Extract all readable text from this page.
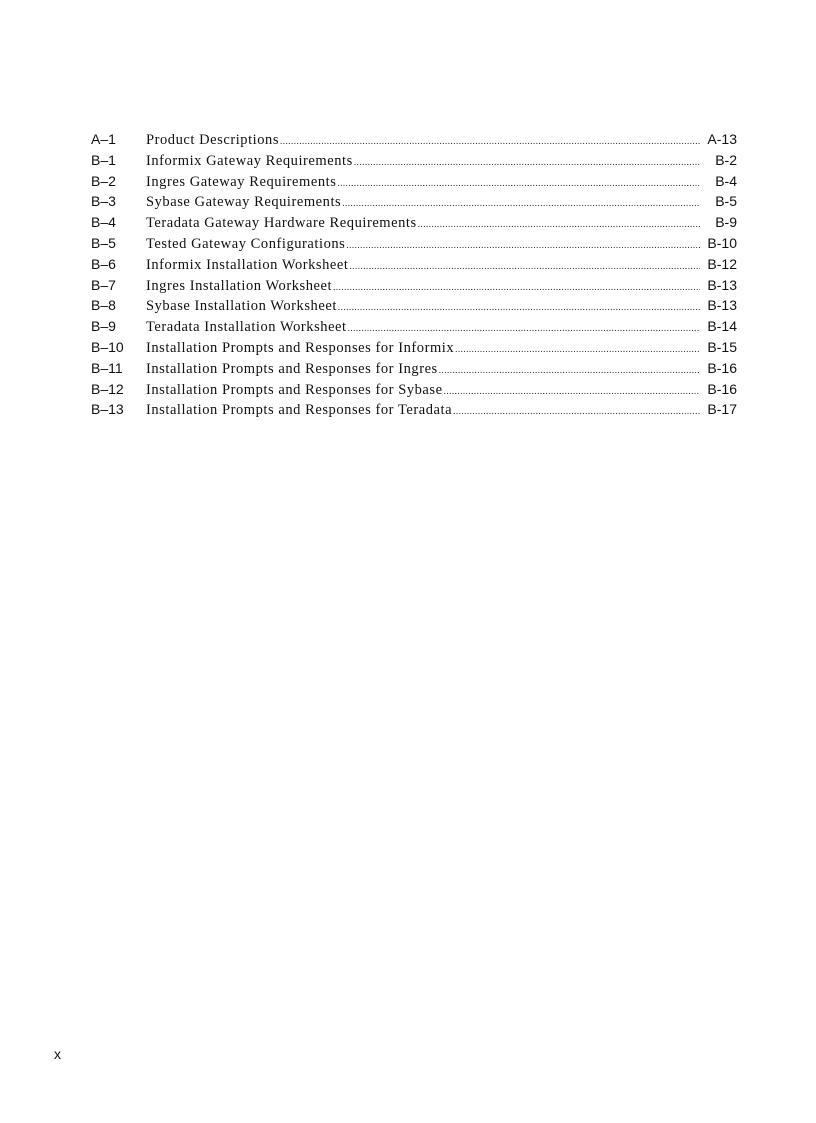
A–1	Product Descriptions .....	A-13
B–1	Informix Gateway Requirements .....	B-2
B–2	Ingres Gateway Requirements .....	B-4
B–3	Sybase Gateway Requirements .....	B-5
B–4	Teradata Gateway Hardware Requirements .....	B-9
B–5	Tested Gateway Configurations .....	B-10
B–6	Informix Installation Worksheet .....	B-12
B–7	Ingres Installation Worksheet .....	B-13
B–8	Sybase Installation Worksheet .....	B-13
B–9	Teradata Installation Worksheet .....	B-14
B–10	Installation Prompts and Responses for Informix .....	B-15
B–11	Installation Prompts and Responses for Ingres .....	B-16
B–12	Installation Prompts and Responses for Sybase .....	B-16
B–13	Installation Prompts and Responses for Teradata .....	B-17
x
